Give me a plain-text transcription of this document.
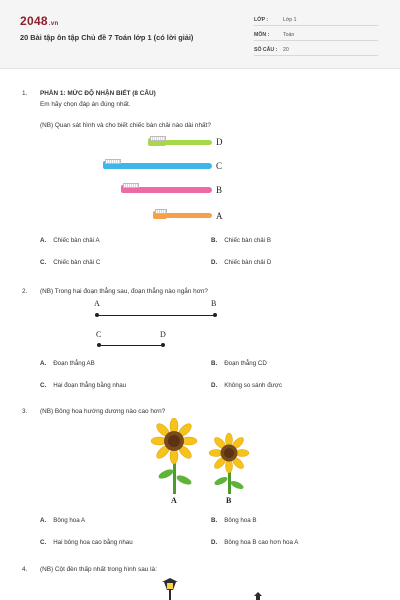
2048.vn
20 Bài tập ôn tập Chủ đề 7 Toán lớp 1 (có lời giải)
LỚP :	Lớp 1
MÔN :	Toán
SỐ CÂU : 20
1. PHẦN 1: MỨC ĐỘ NHẬN BIẾT (8 CÂU)
Em hãy chọn đáp án đúng nhất.
(NB) Quan sát hình và cho biết chiếc bàn chải nào dài nhất?
D
C
B
A
A. Chiếc bàn chải A	B. Chiếc bàn chải B
C. Chiếc bàn chải C	D. Chiếc bàn chải D
2. (NB) Trong hai đoạn thẳng sau, đoạn thẳng nào ngắn hơn?
A	B
C	D
A. Đoạn thẳng AB	B. Đoạn thẳng CD
C. Hai đoạn thẳng bằng nhau	D. Không so sánh được
3. (NB) Bông hoa hướng dương nào cao hơn?
A	B
A. Bông hoa A	B. Bông hoa B
C. Hai bông hoa cao bằng nhau	D. Bông hoa B cao hơn hoa A
4. (NB) Cột đèn thấp nhất trong hình sau là:
